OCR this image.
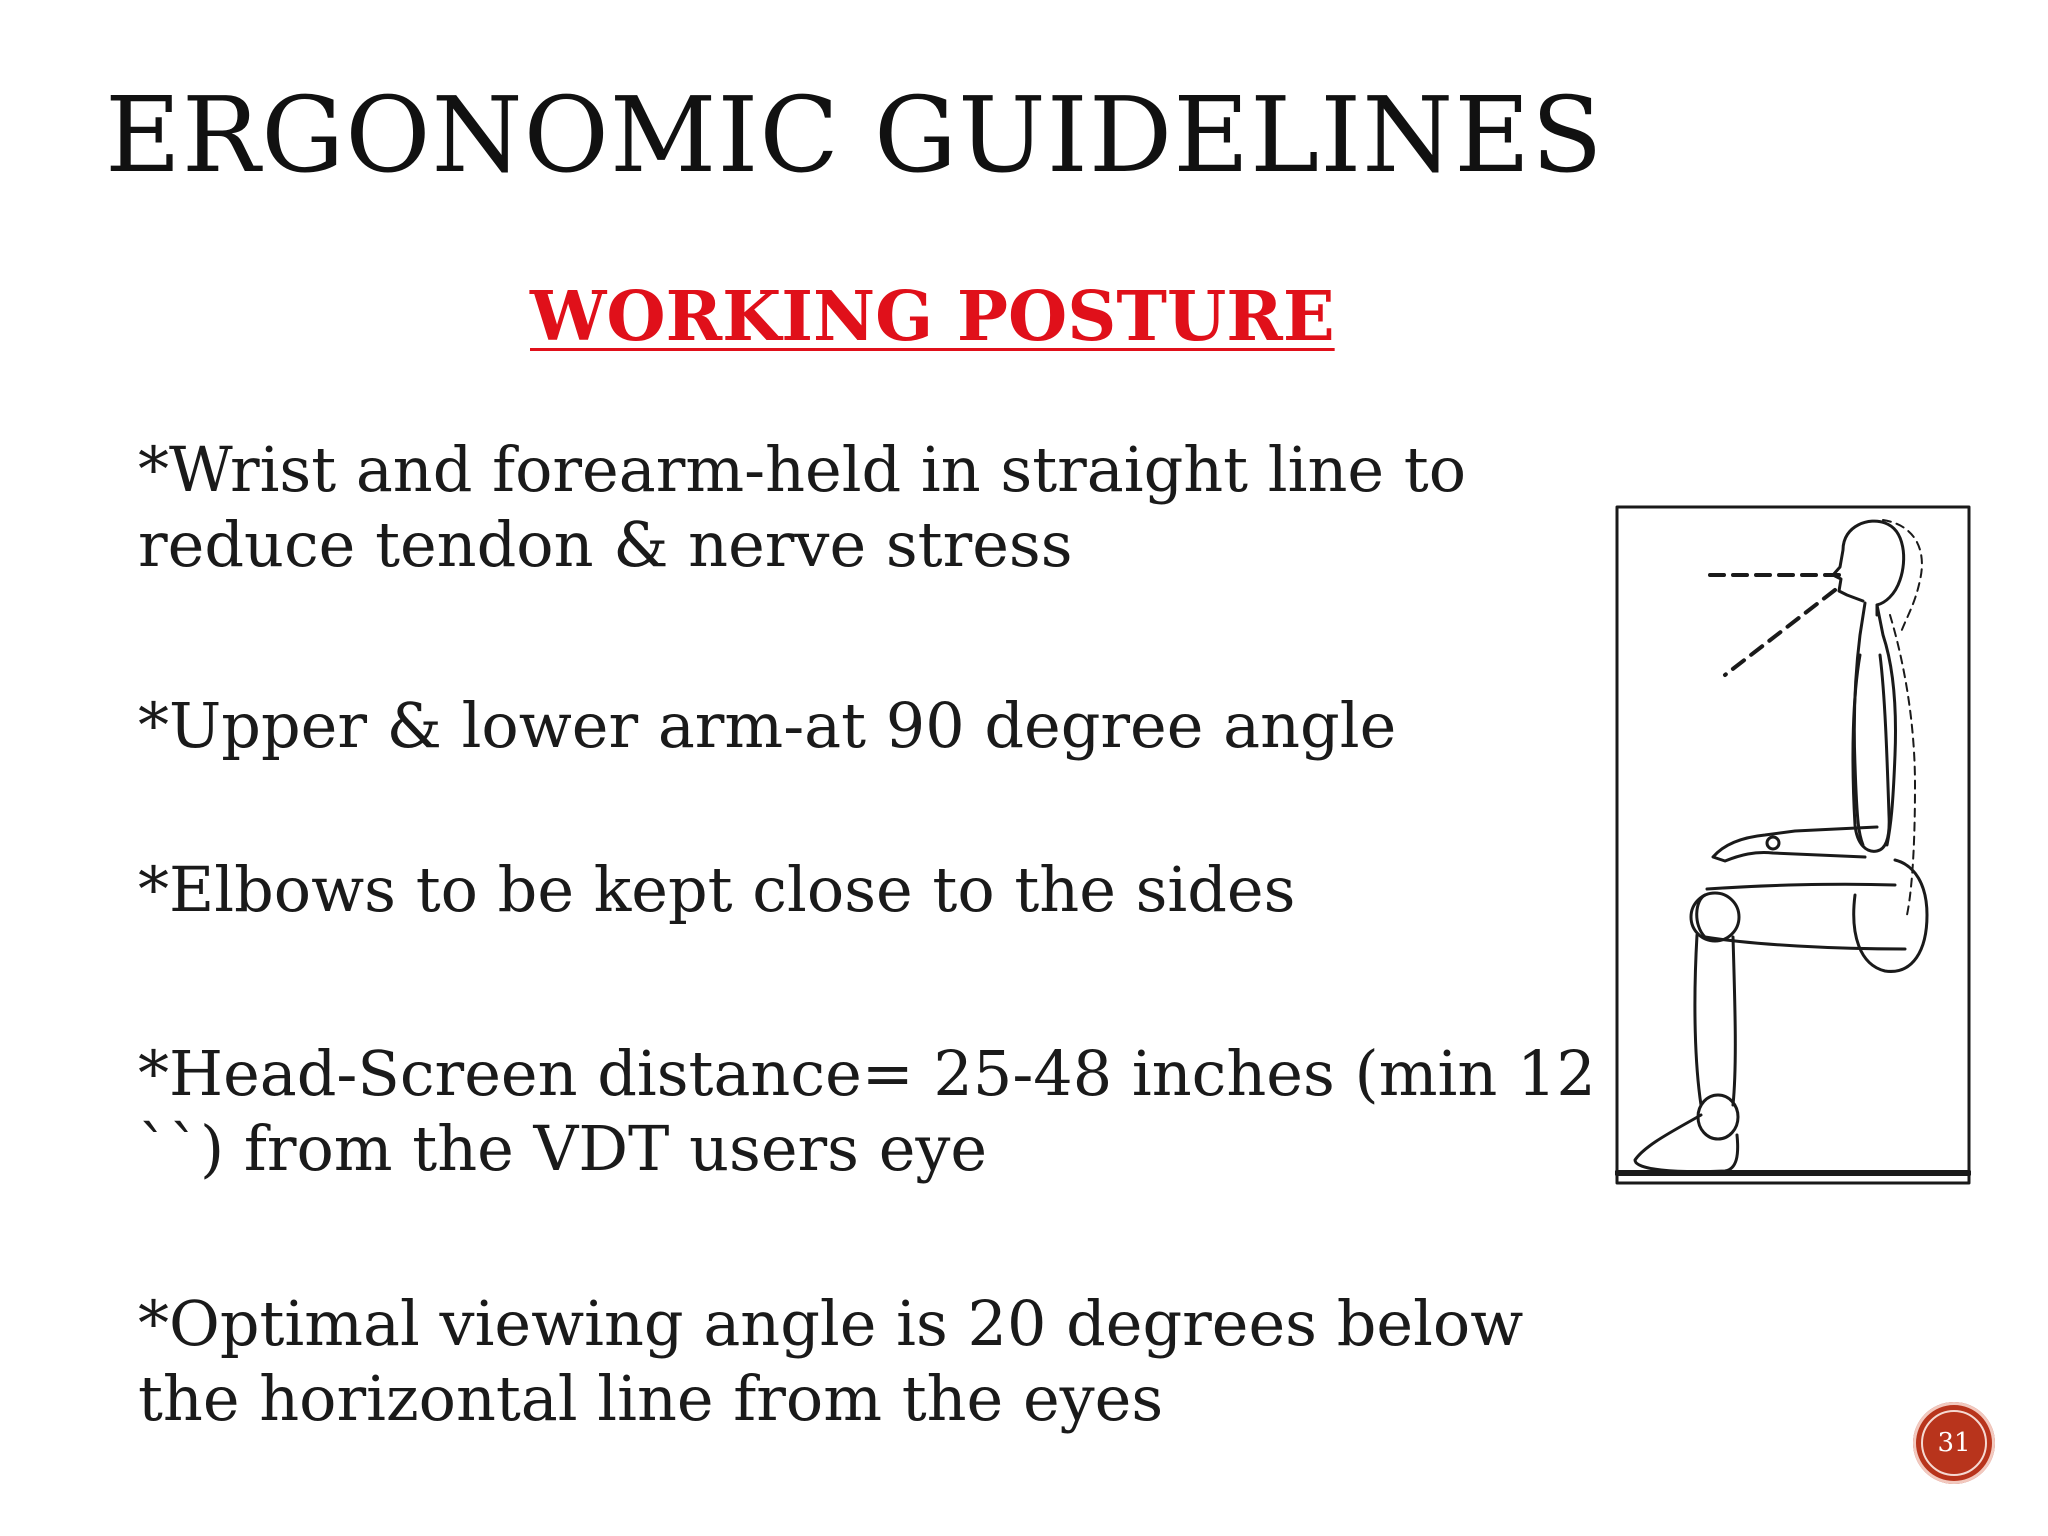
ERGONOMIC GUIDELINES
WORKING POSTURE
*Wrist and forearm-held in straight line to
reduce tendon & nerve stress
*Upper & lower arm-at 90 degree angle
*Elbows to be kept close to the sides
*Head-Screen distance= 25-48 inches (min 12
``) from the VDT users eye
*Optimal viewing angle is 20 degrees below
the horizontal line from the eyes
31
